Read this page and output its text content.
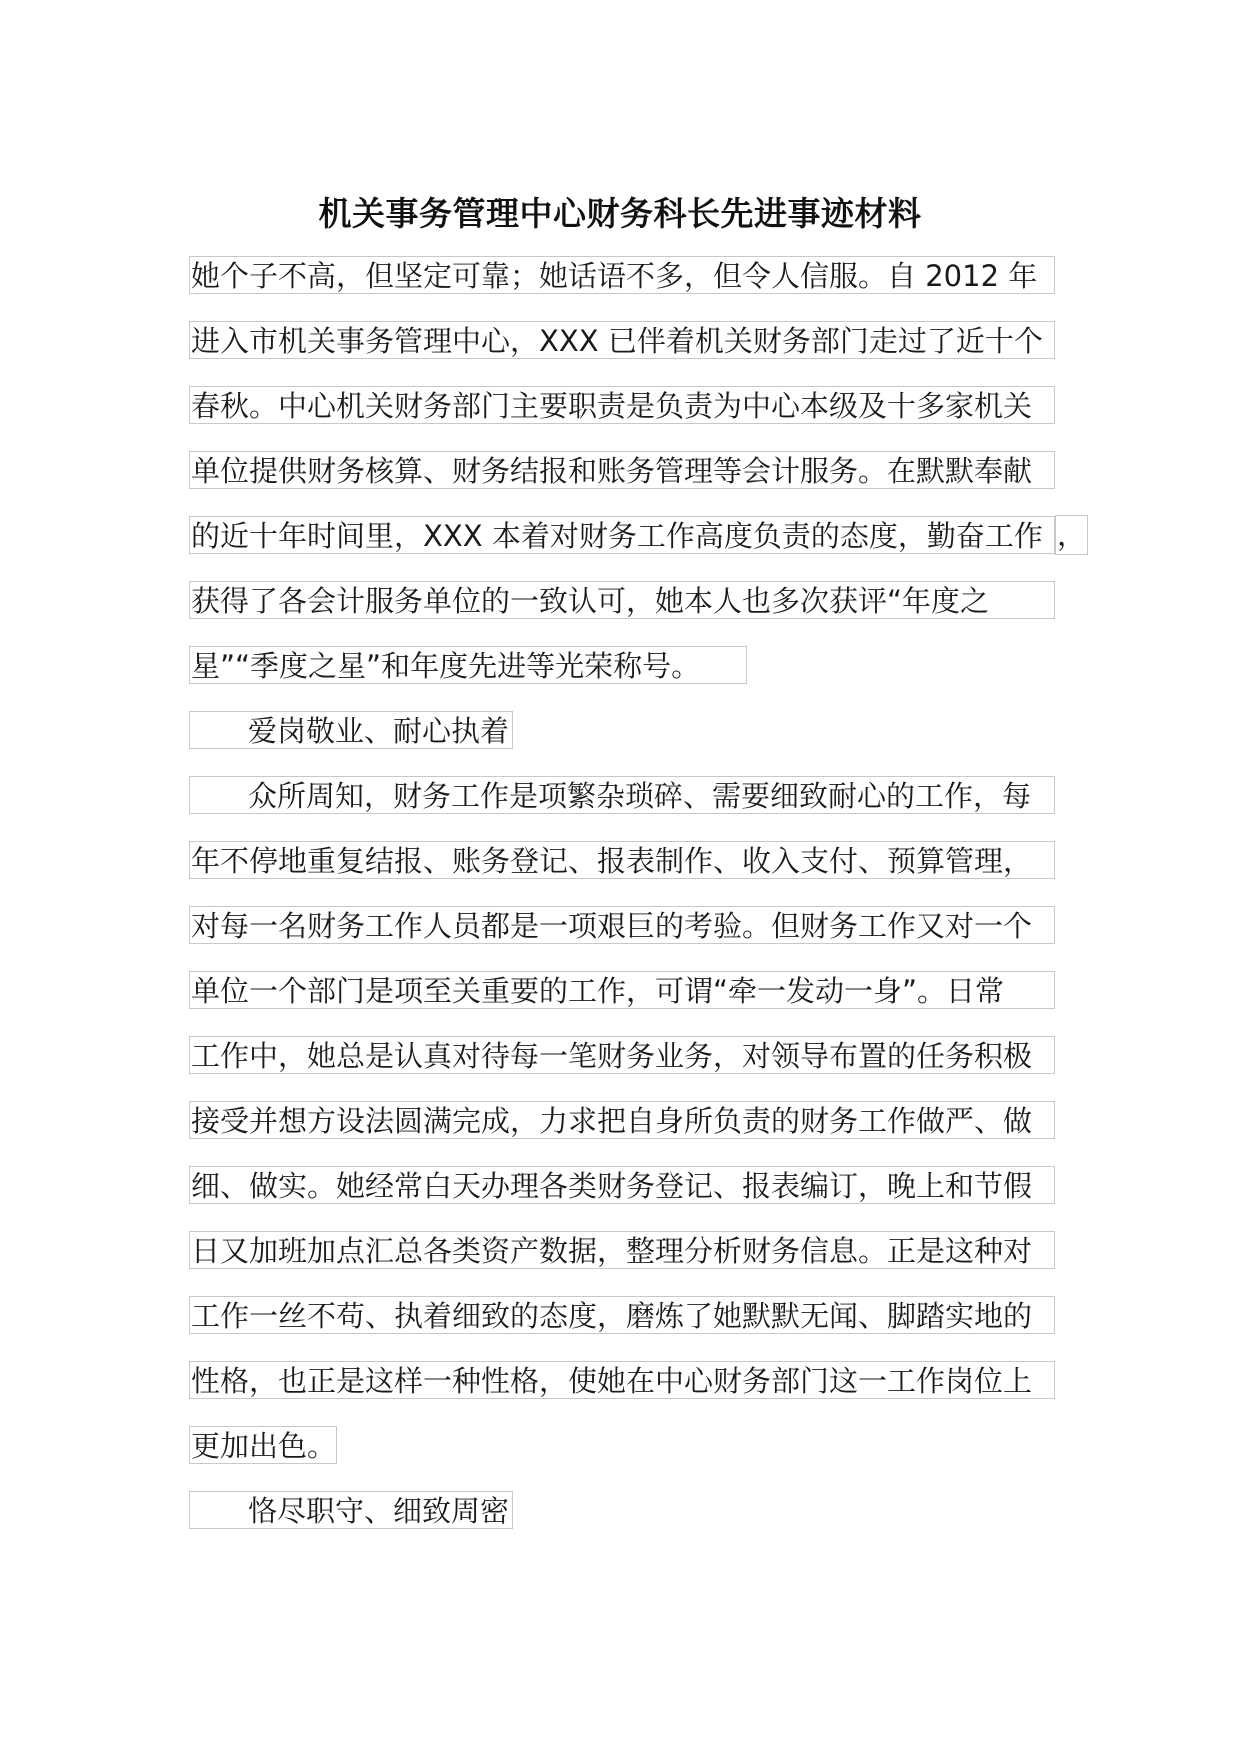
机关事务管理中心财务科长先进事迹材料
她个子不高，但坚定可靠；她话语不多，但令人信服。自 2012 年
进入市机关事务管理中心，XXX 已伴着机关财务部门走过了近十个
春秋。中心机关财务部门主要职责是负责为中心本级及十多家机关
单位提供财务核算、财务结报和账务管理等会计服务。在默默奉献
的近十年时间里，XXX 本着对财务工作高度负责的态度，勤奋工作 ，
获得了各会计服务单位的一致认可，她本人也多次获评“年度之
星”“季度之星”和年度先进等光荣称号。
爱岗敬业、耐心执着
众所周知，财务工作是项繁杂琐碎、需要细致耐心的工作，每
年不停地重复结报、账务登记、报表制作、收入支付、预算管理，
对每一名财务工作人员都是一项艰巨的考验。但财务工作又对一个
单位一个部门是项至关重要的工作，可谓“牵一发动一身”。日常
工作中，她总是认真对待每一笔财务业务，对领导布置的任务积极
接受并想方设法圆满完成，力求把自身所负责的财务工作做严、做
细、做实。她经常白天办理各类财务登记、报表编订，晚上和节假
日又加班加点汇总各类资产数据，整理分析财务信息。正是这种对
工作一丝不苟、执着细致的态度，磨炼了她默默无闻、脚踏实地的
性格，也正是这样一种性格，使她在中心财务部门这一工作岗位上
更加出色。
恪尽职守、细致周密
